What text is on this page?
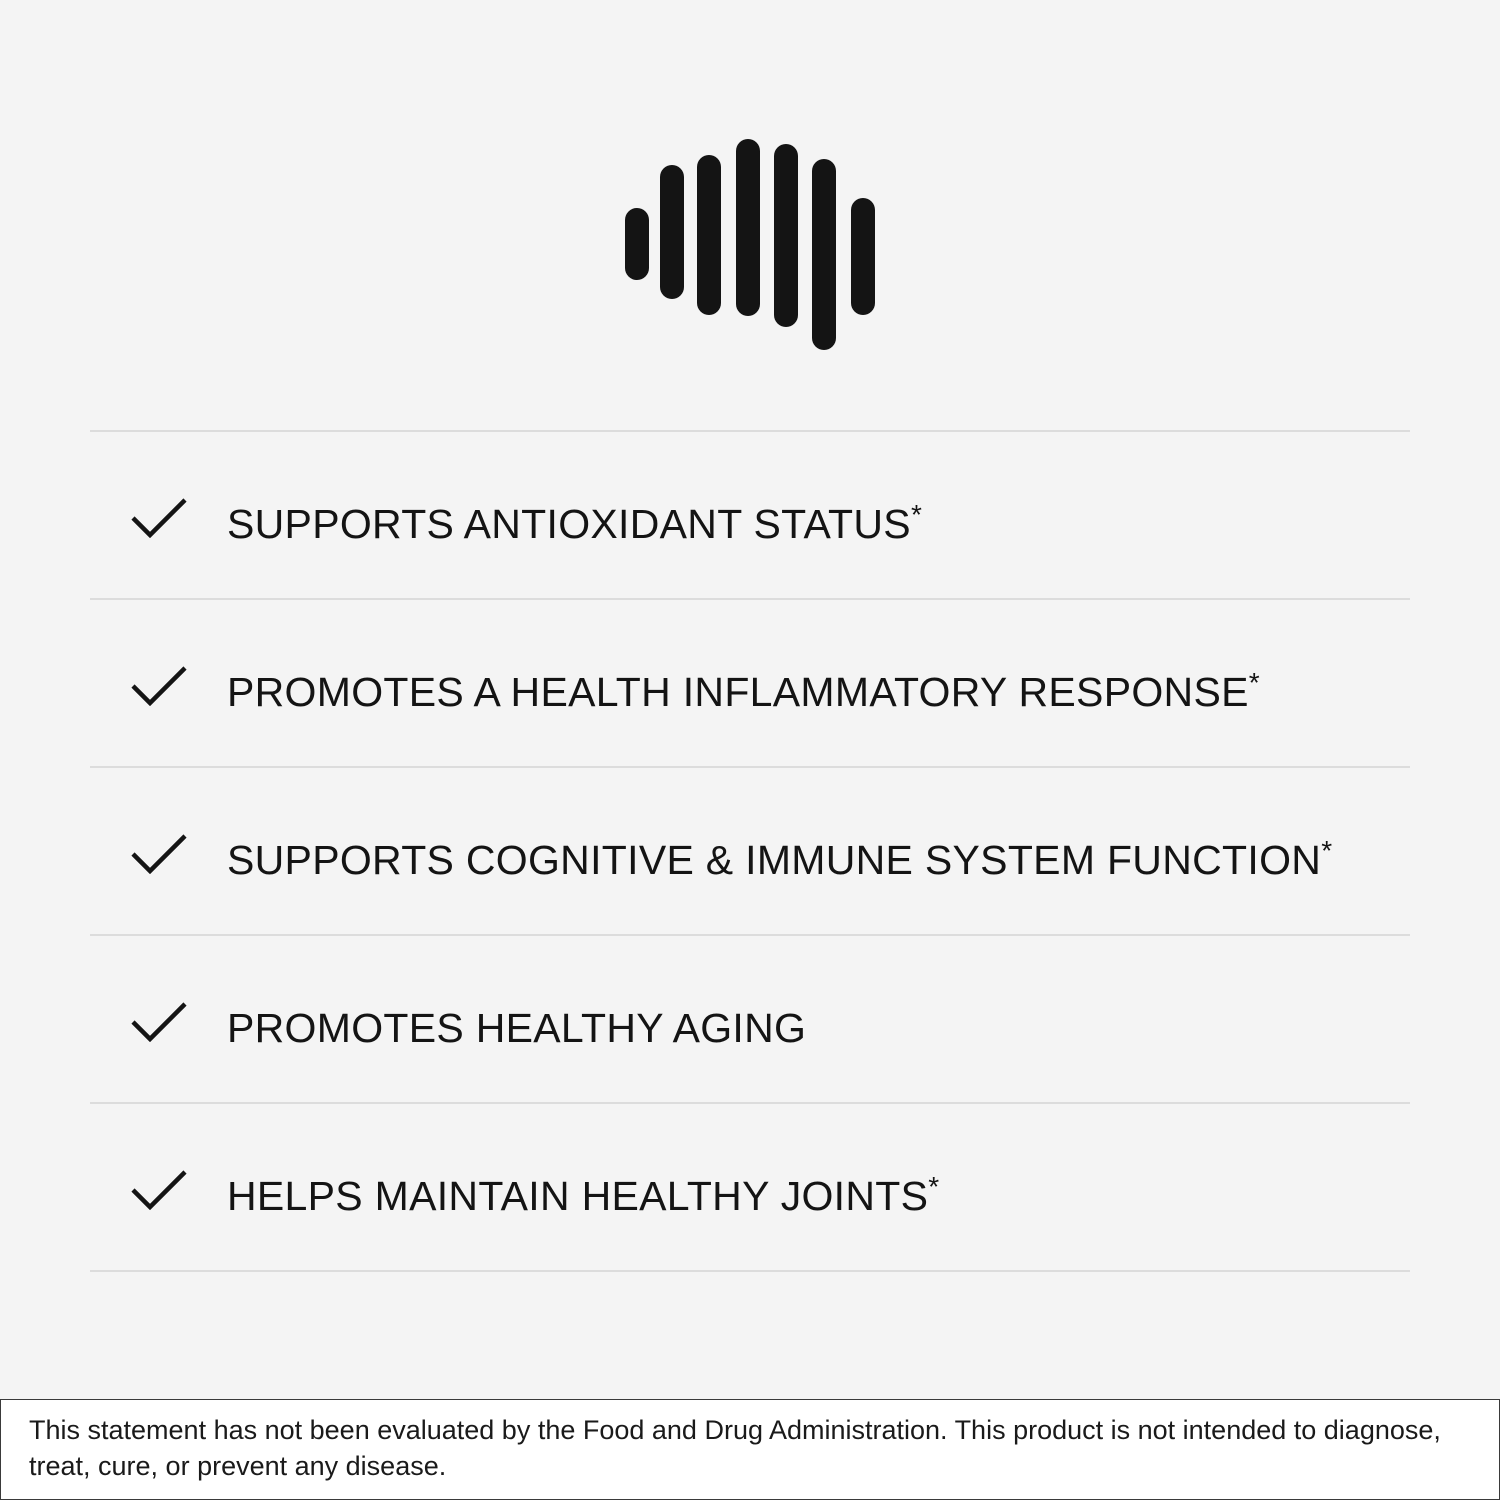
SUPPORTS ANTIOXIDANT STATUS*
PROMOTES A HEALTH INFLAMMATORY RESPONSE*
SUPPORTS COGNITIVE & IMMUNE SYSTEM FUNCTION*
PROMOTES HEALTHY AGING
HELPS MAINTAIN HEALTHY JOINTS*
This statement has not been evaluated by the Food and Drug Administration. This product is not intended to diagnose, treat, cure, or prevent any disease.
